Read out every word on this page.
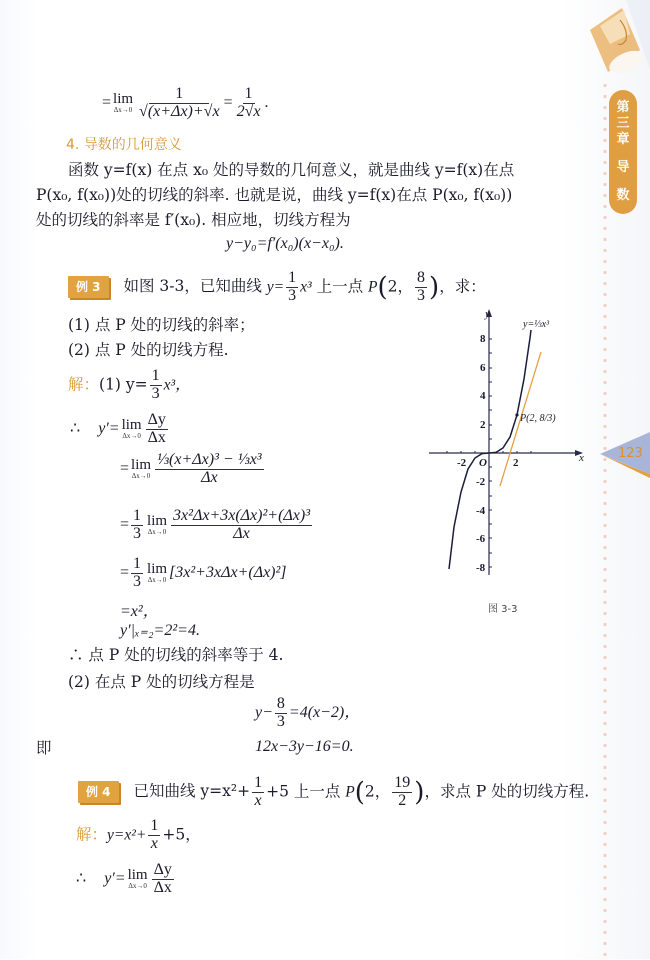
第
三
章
导
数
123
= lim
$\Delta x\to 0 \frac{1}{√(x+\Delta x)+√x} = \frac{1}{2√x}$ .
4. 导数的几何意义
函数 y=f(x) 在点 x₀ 处的导数的几何意义，就是曲线 y=f(x)在点
P(x₀, f(x₀))处的切线的斜率. 也就是说，曲线 y=f(x)在点 P(x₀, f(x₀))
处的切线的斜率是 f′(x₀). 相应地，切线方程为
y−y₀=f′(x₀)(x−x₀).
例 3 如图 3-3，已知曲线 $y= \frac{1}{3} x^3$ 上一点 P(2， $\frac{8}{3}$ )，求：
(1) 点 P 处的切线的斜率；
(2) 点 P 处的切线方程.
解：(1) $y= \frac{1}{3} x^3$，
∴ y′= lim
$\Delta x\to 0 \frac{\Delta y}{\Delta x}$
= lim
$\Delta x\to 0 \frac{\text{⅓(x+Δx)³ − ⅓x³}}{\Delta x}$
= $\frac{1}{3}$ lim
$\Delta x\to 0 \frac{\text{3x²Δx+3x(Δx)²+(Δx)³}}{\Delta x}$
= $\frac{1}{3}$ lim
Δx→0 [3x²+3xΔx+(Δx)²]
=x²，
y′|ₓ₌₂=2²=4.
∴ 点 P 处的切线的斜率等于 4.
(2) 在点 P 处的切线方程是
$y- \frac{8}{3} =4(x-2)$，
即	12x−3y−16=0.
例 4 已知曲线 $y=x^2+ \frac{1}{x} +5$ 上一点 P(2， $\frac{19}{2}$ )，求点 P 处的切线方程.
解：$y=x^2+ \frac{1}{x} +5$，
∴ y′= lim
$\Delta x\to 0 \frac{\Delta y}{\Delta x}$
y
x
8
6
4
2
-2
-4
-6
-8
-2	2
O
y=⅓x³
P(2, 8/3)
图 3-3
